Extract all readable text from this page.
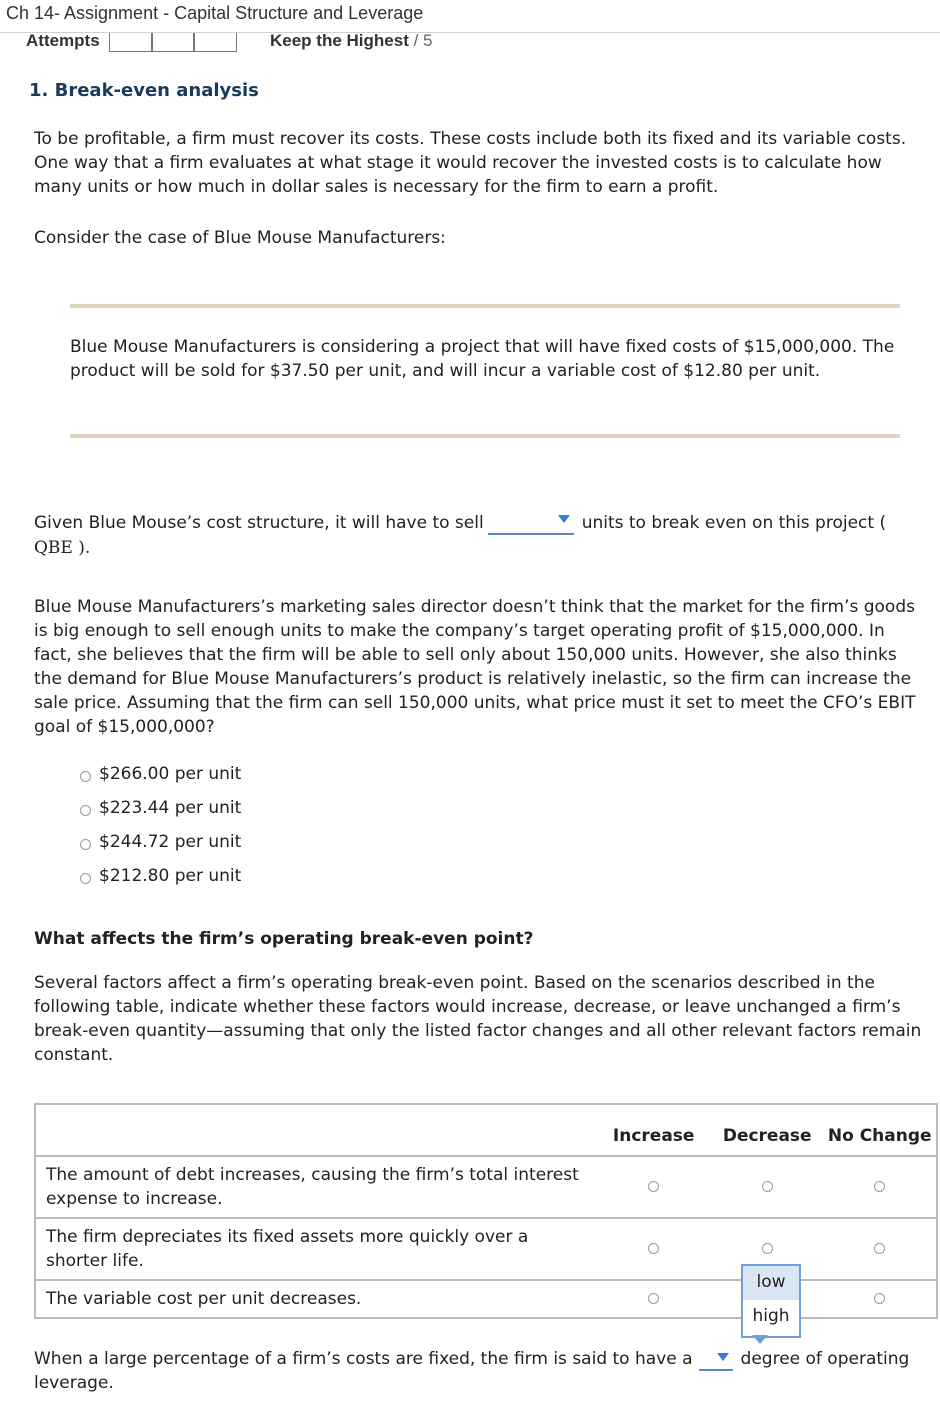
Ch 14- Assignment - Capital Structure and Leverage
Attempts	Keep the Highest / 5
1. Break-even analysis
To be profitable, a firm must recover its costs. These costs include both its fixed and its variable costs. One way that a firm evaluates at what stage it would recover the invested costs is to calculate how many units or how much in dollar sales is necessary for the firm to earn a profit.
Consider the case of Blue Mouse Manufacturers:
Blue Mouse Manufacturers is considering a project that will have fixed costs of $15,000,000. The product will be sold for $37.50 per unit, and will incur a variable cost of $12.80 per unit.
Given Blue Mouse’s cost structure, it will have to sell	units to break even on this project (
QBE ).
Blue Mouse Manufacturers’s marketing sales director doesn’t think that the market for the firm’s goods is big enough to sell enough units to make the company’s target operating profit of $15,000,000. In fact, she believes that the firm will be able to sell only about 150,000 units. However, she also thinks the demand for Blue Mouse Manufacturers’s product is relatively inelastic, so the firm can increase the sale price. Assuming that the firm can sell 150,000 units, what price must it set to meet the CFO’s EBIT goal of $15,000,000?
$266.00 per unit
$223.44 per unit
$244.72 per unit
$212.80 per unit
What affects the firm’s operating break-even point?
Several factors affect a firm’s operating break-even point. Based on the scenarios described in the following table, indicate whether these factors would increase, decrease, or leave unchanged a firm’s break-even quantity—assuming that only the listed factor changes and all other relevant factors remain constant.
	Increase	Decrease	No Change
The amount of debt increases, causing the firm’s total interest expense to increase.			
The firm depreciates its fixed assets more quickly over a shorter life.			
The variable cost per unit decreases.			
low
high
When a large percentage of a firm’s costs are fixed, the firm is said to have a	degree of operating leverage.
